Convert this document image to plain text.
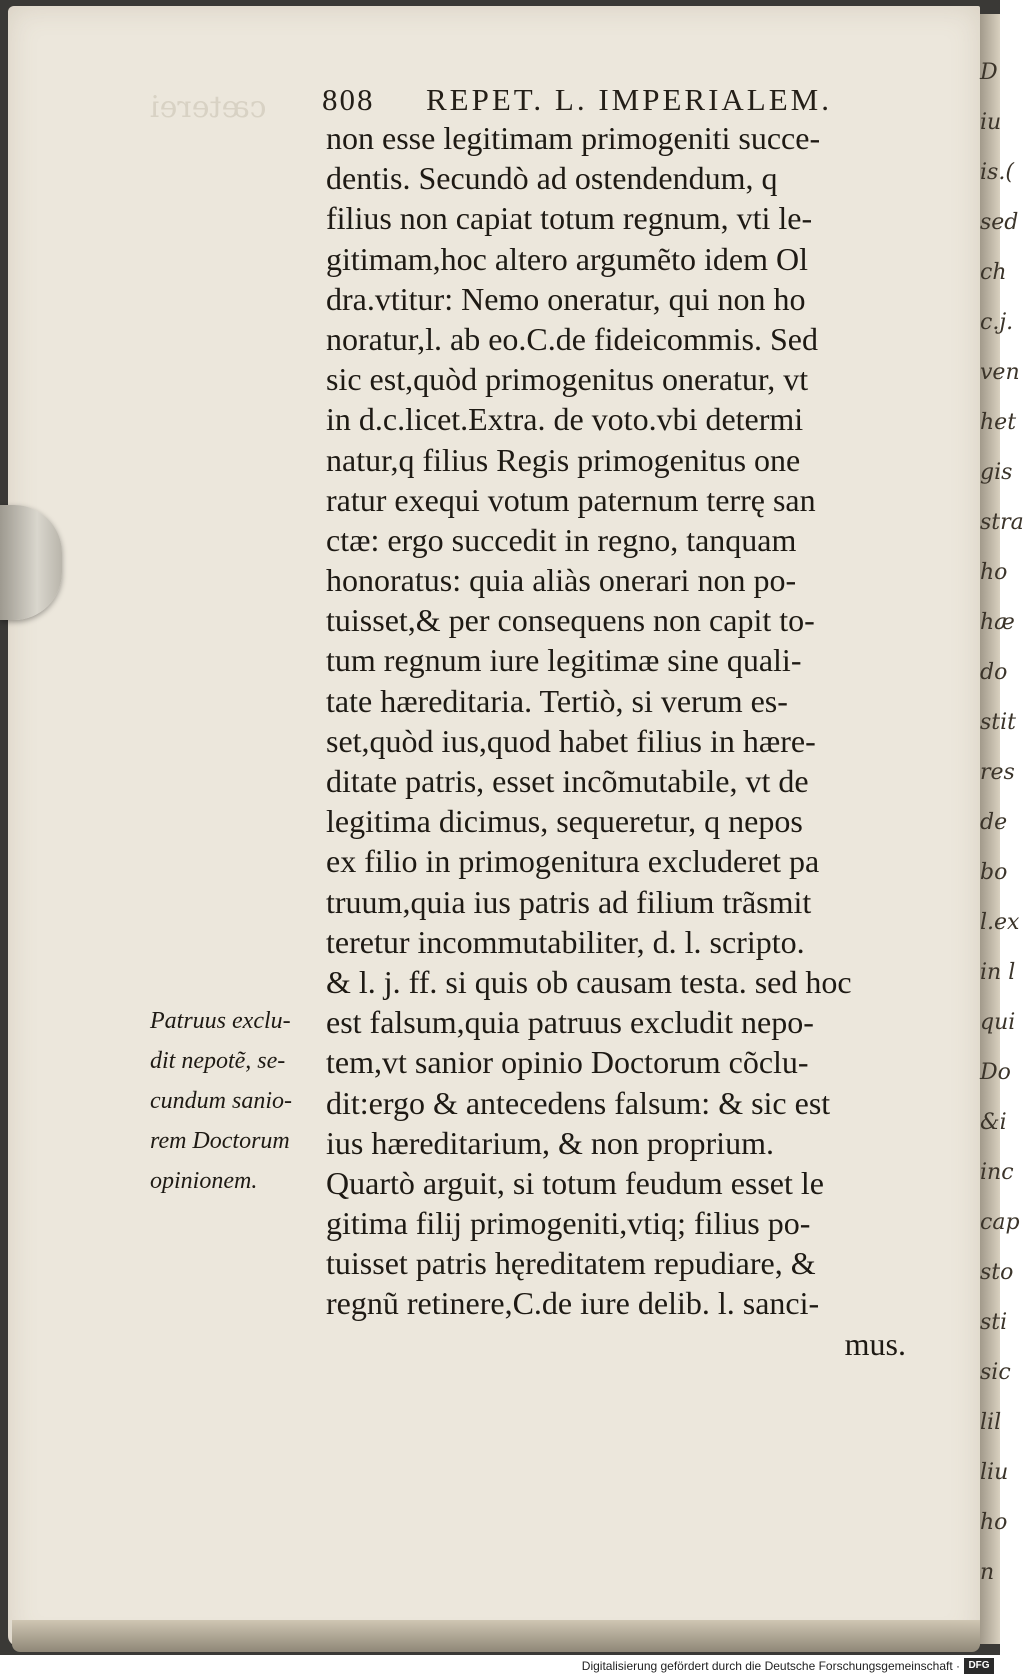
cæterei
D
iu
is.(
sed
ch
c.j.
ven
het
gis
stra
ho
hæ
do
stit
res
de
bo
l.ex
in l
qui
Do
&i
inc
cap
sto
sti
sic
lil
liu
ho
n
808 REPET. L. IMPERIALEM.
non esse legitimam primogeniti succe-
dentis. Secundò ad ostendendum, q
filius non capiat totum regnum, vti le-
gitimam,hoc altero argumẽto idem Ol
dra.vtitur: Nemo oneratur, qui non ho
noratur,l. ab eo.C.de fideicommis. Sed
sic est,quòd primogenitus oneratur, vt
in d.c.licet.Extra. de voto.vbi determi
natur,q filius Regis primogenitus one
ratur exequi votum paternum terrę san
ctæ: ergo succedit in regno, tanquam
honoratus: quia aliàs onerari non po-
tuisset,& per consequens non capit to-
tum regnum iure legitimæ sine quali-
tate hæreditaria. Tertiò, si verum es-
set,quòd ius,quod habet filius in hære-
ditate patris, esset incõmutabile, vt de
legitima dicimus, sequeretur, q nepos
ex filio in primogenitura excluderet pa
truum,quia ius patris ad filium trãsmit
teretur incommutabiliter, d. l. scripto.
& l. j. ff. si quis ob causam testa. sed hoc
est falsum,quia patruus excludit nepo-
tem,vt sanior opinio Doctorum cõclu-
dit:ergo & antecedens falsum: & sic est
ius hæreditarium, & non proprium.
Quartò arguit, si totum feudum esset le
gitima filij primogeniti,vtiq; filius po-
tuisset patris hęreditatem repudiare, &
regnũ retinere,C.de iure delib. l. sanci-
mus.
Patruus exclu-
dit nepotẽ, se-
cundum sanio-
rem Doctorum
opinionem.
Digitalisierung gefördert durch die Deutsche Forschungsgemeinschaft · DFG
